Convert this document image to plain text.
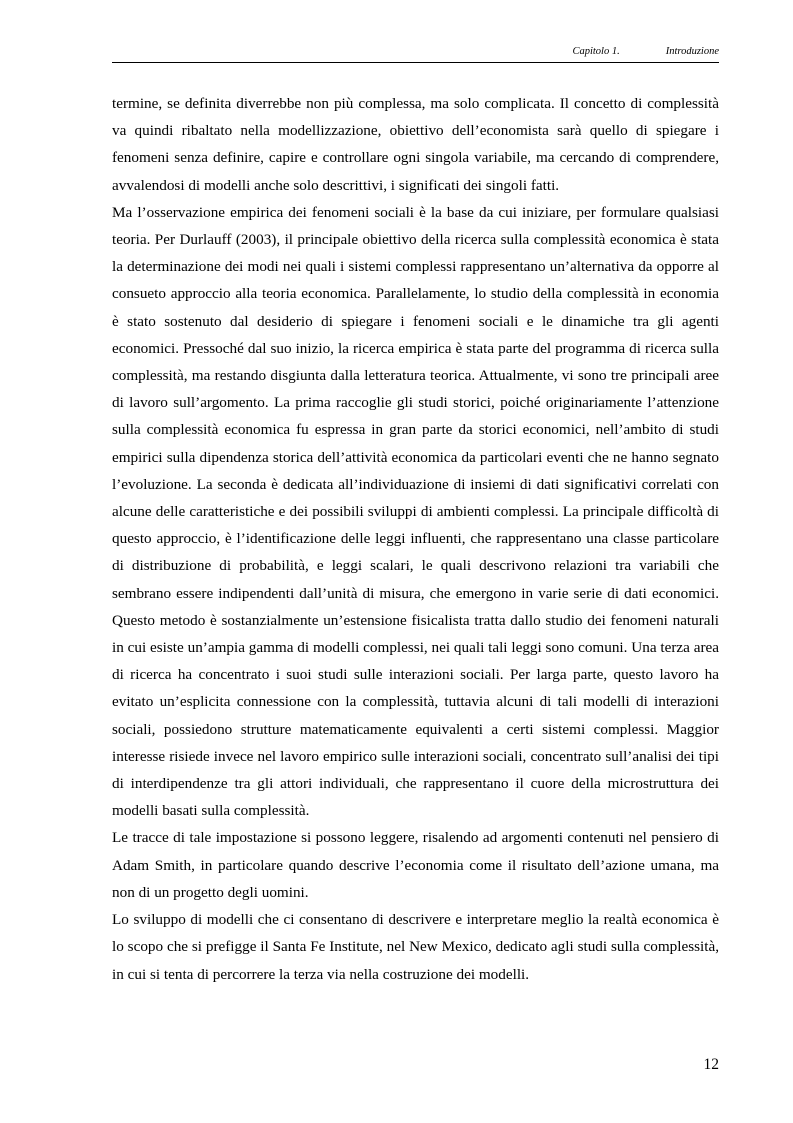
Capitolo 1.	Introduzione

termine, se definita diverrebbe non più complessa, ma solo complicata. Il concetto di complessità va quindi ribaltato nella modellizzazione, obiettivo dell’economista sarà quello di spiegare i fenomeni senza definire, capire e controllare ogni singola variabile, ma cercando di comprendere, avvalendosi di modelli anche solo descrittivi, i significati dei singoli fatti.

Ma l’osservazione empirica dei fenomeni sociali è la base da cui iniziare, per formulare qualsiasi teoria. Per Durlauff (2003), il principale obiettivo della ricerca sulla complessità economica è stata la determinazione dei modi nei quali i sistemi complessi rappresentano un’alternativa da opporre al consueto approccio alla teoria economica. Parallelamente, lo studio della complessità in economia è stato sostenuto dal desiderio di spiegare i fenomeni sociali e le dinamiche tra gli agenti economici. Pressoché dal suo inizio, la ricerca empirica è stata parte del programma di ricerca sulla complessità, ma restando disgiunta dalla letteratura teorica. Attualmente, vi sono tre principali aree di lavoro sull’argomento. La prima raccoglie gli studi storici, poiché originariamente l’attenzione sulla complessità economica fu espressa in gran parte da storici economici, nell’ambito di studi empirici sulla dipendenza storica dell’attività economica da particolari eventi che ne hanno segnato l’evoluzione. La seconda è dedicata all’individuazione di insiemi di dati significativi correlati con alcune delle caratteristiche e dei possibili sviluppi di ambienti complessi. La principale difficoltà di questo approccio, è l’identificazione delle leggi influenti, che rappresentano una classe particolare di distribuzione di probabilità, e leggi scalari, le quali descrivono relazioni tra variabili che sembrano essere indipendenti dall’unità di misura, che emergono in varie serie di dati economici. Questo metodo è sostanzialmente un’estensione fisicalista tratta dallo studio dei fenomeni naturali in cui esiste un’ampia gamma di modelli complessi, nei quali tali leggi sono comuni. Una terza area di ricerca ha concentrato i suoi studi sulle interazioni sociali. Per larga parte, questo lavoro ha evitato un’esplicita connessione con la complessità, tuttavia alcuni di tali modelli di interazioni sociali, possiedono strutture matematicamente equivalenti a certi sistemi complessi. Maggior interesse risiede invece nel lavoro empirico sulle interazioni sociali, concentrato sull’analisi dei tipi di interdipendenze tra gli attori individuali, che rappresentano il cuore della microstruttura dei modelli basati sulla complessità.

Le tracce di tale impostazione si possono leggere, risalendo ad argomenti contenuti nel pensiero di Adam Smith, in particolare quando descrive l’economia come il risultato dell’azione umana, ma non di un progetto degli uomini.

Lo sviluppo di modelli che ci consentano di descrivere e interpretare meglio la realtà economica è lo scopo che si prefigge il Santa Fe Institute, nel New Mexico, dedicato agli studi sulla complessità, in cui si tenta di percorrere la terza via nella costruzione dei modelli.

12
